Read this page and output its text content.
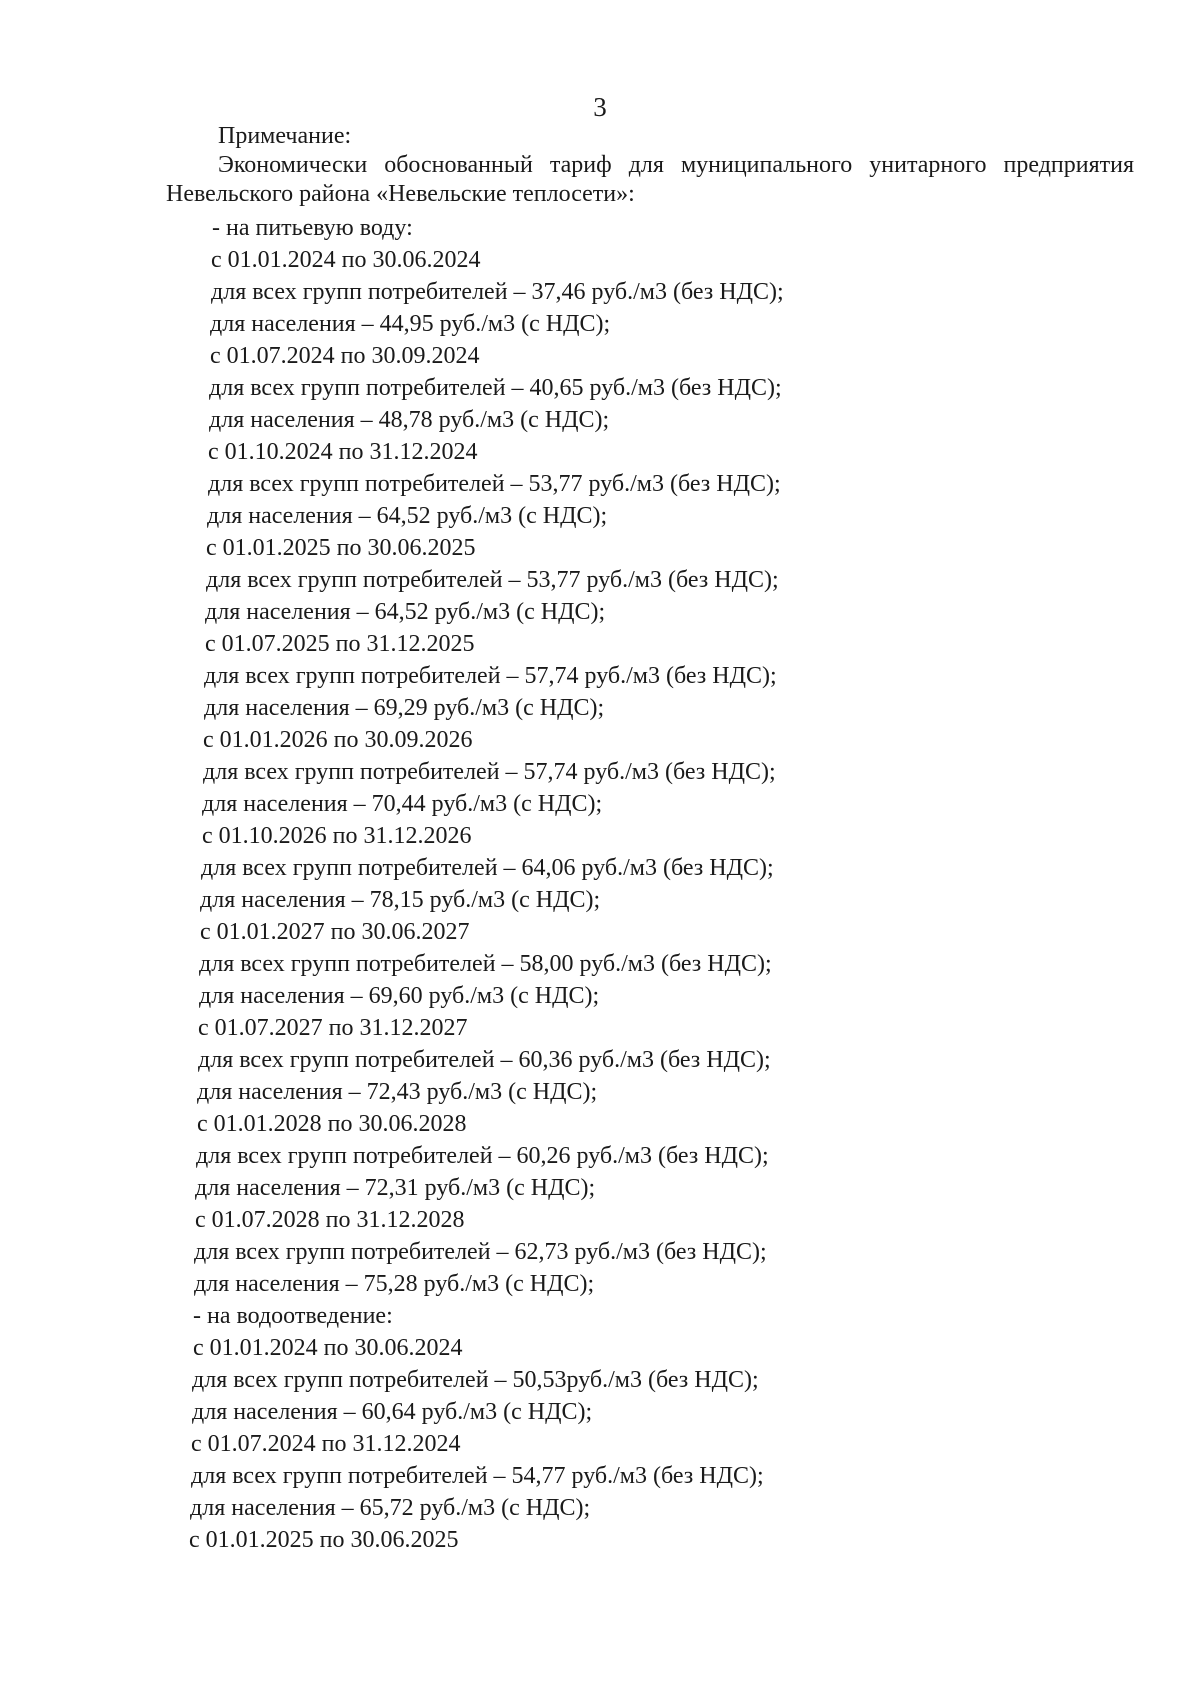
3
Примечание:
Экономически обоснованный тариф для муниципального унитарного предприятия
Невельского района «Невельские теплосети»:
- на питьевую воду:
с 01.01.2024 по 30.06.2024
для всех групп потребителей – 37,46 руб./м3 (без НДС);
для населения – 44,95 руб./м3 (с НДС);
с 01.07.2024 по 30.09.2024
для всех групп потребителей – 40,65 руб./м3 (без НДС);
для населения – 48,78 руб./м3 (с НДС);
с 01.10.2024 по 31.12.2024
для всех групп потребителей – 53,77 руб./м3 (без НДС);
для населения – 64,52 руб./м3 (с НДС);
с 01.01.2025 по 30.06.2025
для всех групп потребителей – 53,77 руб./м3 (без НДС);
для населения – 64,52 руб./м3 (с НДС);
с 01.07.2025 по 31.12.2025
для всех групп потребителей – 57,74 руб./м3 (без НДС);
для населения – 69,29 руб./м3 (с НДС);
с 01.01.2026 по 30.09.2026
для всех групп потребителей – 57,74 руб./м3 (без НДС);
для населения – 70,44 руб./м3 (с НДС);
с 01.10.2026 по 31.12.2026
для всех групп потребителей – 64,06 руб./м3 (без НДС);
для населения – 78,15 руб./м3 (с НДС);
с 01.01.2027 по 30.06.2027
для всех групп потребителей – 58,00 руб./м3 (без НДС);
для населения – 69,60 руб./м3 (с НДС);
с 01.07.2027 по 31.12.2027
для всех групп потребителей – 60,36 руб./м3 (без НДС);
для населения – 72,43 руб./м3 (с НДС);
с 01.01.2028 по 30.06.2028
для всех групп потребителей – 60,26 руб./м3 (без НДС);
для населения – 72,31 руб./м3 (с НДС);
с 01.07.2028 по 31.12.2028
для всех групп потребителей – 62,73 руб./м3 (без НДС);
для населения – 75,28 руб./м3 (с НДС);
- на водоотведение:
с 01.01.2024 по 30.06.2024
для всех групп потребителей – 50,53руб./м3 (без НДС);
для населения – 60,64 руб./м3 (с НДС);
с 01.07.2024 по 31.12.2024
для всех групп потребителей – 54,77 руб./м3 (без НДС);
для населения – 65,72 руб./м3 (с НДС);
с 01.01.2025 по 30.06.2025
